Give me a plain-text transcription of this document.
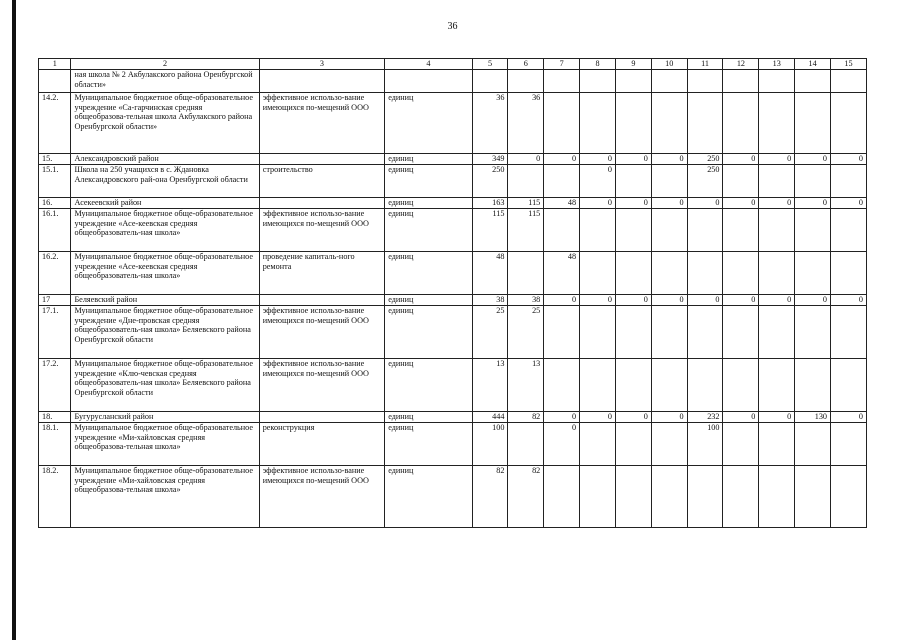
36
1	2	3	4	5	6	7	8	9	10	11	12	13	14	15
	ная школа № 2 Акбулакского района Оренбургской области»													
14.2.	Муниципальное бюджетное обще-образовательное учреждение «Са-гарчинская средняя общеобразова-тельная школа Акбулакского района Оренбургской области»	эффективное использо-вание имеющихся по-мещений ООО	единиц	36	36									
15.	Александровский район		единиц	349	0	0	0	0	0	250	0	0	0	0
15.1.	Школа на 250 учащихся в с. Ждановка Александровского рай-она Оренбургской области	строительство	единиц	250			0			250				
16.	Асекеевский район		единиц	163	115	48	0	0	0	0	0	0	0	0
16.1.	Муниципальное бюджетное обще-образовательное учреждение «Асе-кеевская средняя общеобразователь-ная школа»	эффективное использо-вание имеющихся по-мещений ООО	единиц	115	115									
16.2.	Муниципальное бюджетное обще-образовательное учреждение «Асе-кеевская средняя общеобразователь-ная школа»	проведение капиталь-ного ремонта	единиц	48		48								
17	Беляевский район		единиц	38	38	0	0	0	0	0	0	0	0	0
17.1.	Муниципальное бюджетное обще-образовательное учреждение «Дне-провская средняя общеобразователь-ная школа» Беляевского района Оренбургской области	эффективное использо-вание имеющихся по-мещений ООО	единиц	25	25									
17.2.	Муниципальное бюджетное обще-образовательное учреждение «Клю-чевская средняя общеобразователь-ная школа» Беляевского района Оренбургской области	эффективное использо-вание имеющихся по-мещений ООО	единиц	13	13									
18.	Бугурусланский район		единиц	444	82	0	0	0	0	232	0	0	130	0
18.1.	Муниципальное бюджетное обще-образовательное учреждение «Ми-хайловская средняя общеобразова-тельная школа»	реконструкция	единиц	100		0				100				
18.2.	Муниципальное бюджетное обще-образовательное учреждение «Ми-хайловская средняя общеобразова-тельная школа»	эффективное использо-вание имеющихся по-мещений ООО	единиц	82	82									
